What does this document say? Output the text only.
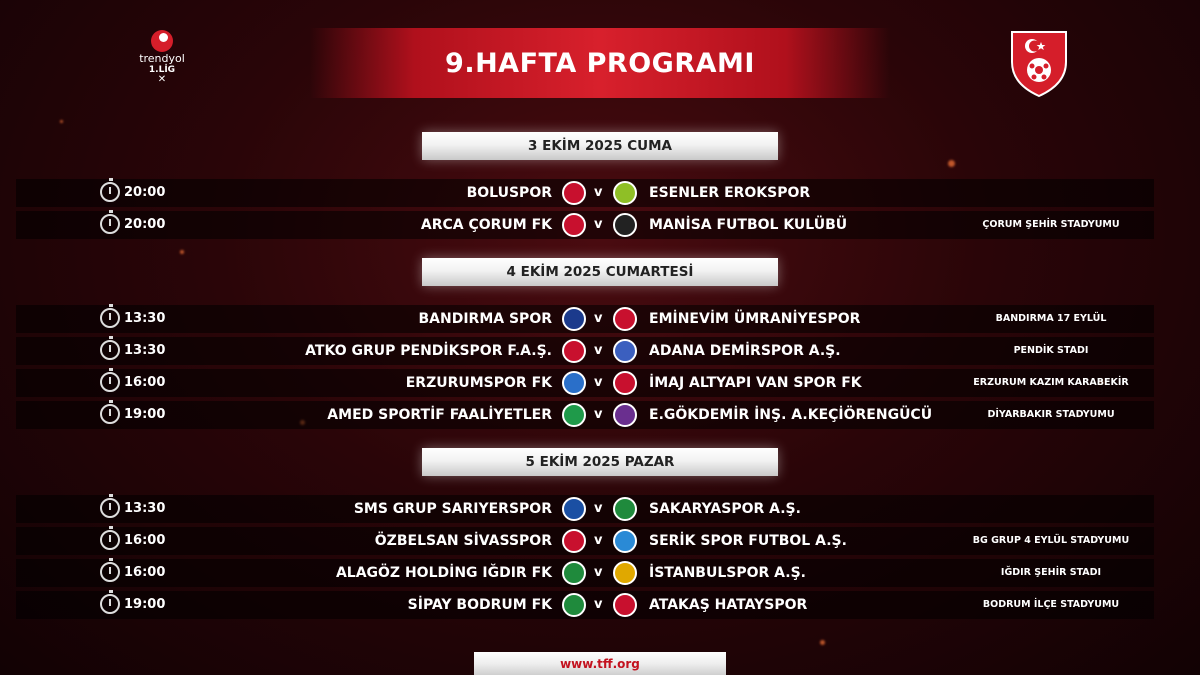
trendyol
1.LİG
✕
9.HAFTA PROGRAMI
3 EKİM 2025 CUMA
20:00	BOLUSPOR	v	ESENLER EROKSPOR
20:00	ARCA ÇORUM FK	v	MANİSA FUTBOL KULÜBÜ	ÇORUM ŞEHİR STADYUMU
4 EKİM 2025 CUMARTESİ
13:30	BANDIRMA SPOR	v	EMİNEVİM ÜMRANİYESPOR	BANDIRMA 17 EYLÜL
13:30	ATKO GRUP PENDİKSPOR F.A.Ş.	v	ADANA DEMİRSPOR A.Ş.	PENDİK STADI
16:00	ERZURUMSPOR FK	v	İMAJ ALTYAPI VAN SPOR FK	ERZURUM KAZIM KARABEKİR
19:00	AMED SPORTİF FAALİYETLER	v	E.GÖKDEMİR İNŞ. A.KEÇİÖRENGÜCÜ	DİYARBAKIR STADYUMU
5 EKİM 2025 PAZAR
13:30	SMS GRUP SARIYERSPOR	v	SAKARYASPOR A.Ş.
16:00	ÖZBELSAN SİVASSPOR	v	SERİK SPOR FUTBOL A.Ş.	BG GRUP 4 EYLÜL STADYUMU
16:00	ALAGÖZ HOLDİNG IĞDIR FK	v	İSTANBULSPOR A.Ş.	IĞDIR ŞEHİR STADI
19:00	SİPAY BODRUM FK	v	ATAKAŞ HATAYSPOR	BODRUM İLÇE STADYUMU
www.tff.org
